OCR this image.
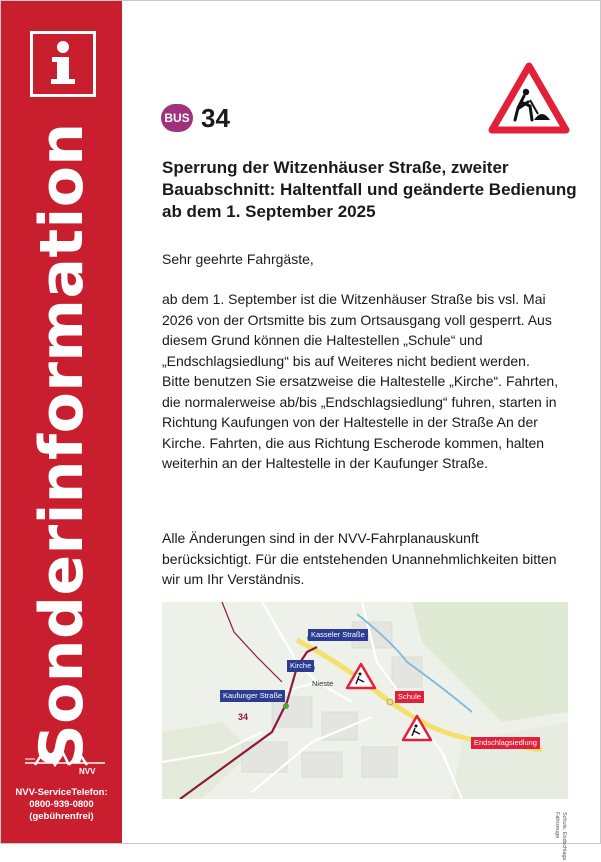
Sonderinformation
NVV
NVV-ServiceTelefon:
0800-939-0800
(gebührenfrei)
BUS 34
Sperrung der Witzenhäuser Straße, zweiter Bauabschnitt: Haltentfall und geänderte Bedienung ab dem 1. September 2025
Sehr geehrte Fahrgäste,
ab dem 1. September ist die Witzenhäuser Straße bis vsl. Mai 2026 von der Ortsmitte bis zum Ortsausgang voll gesperrt. Aus diesem Grund können die Haltestellen „Schule“ und „Endschlagsiedlung“ bis auf Weiteres nicht bedient werden.
Bitte benutzen Sie ersatzweise die Haltestelle „Kirche“. Fahrten, die normalerweise ab/bis „Endschlagsiedlung“ fuhren, starten in Richtung Kaufungen von der Haltestelle in der Straße An der Kirche. Fahrten, die aus Richtung Escherode kommen, halten weiterhin an der Haltestelle in der Kaufunger Straße.
Alle Änderungen sind in der NVV-Fahrplanauskunft berücksichtigt. Für die entstehenden Unannehmlichkeiten bitten wir um Ihr Verständnis.
Kasseler Straße
Kirche
Kaufunger Straße	Schule
Endschlagsiedlung
Nieste
34
Schule, Endschlags.
Fahrzeuge
